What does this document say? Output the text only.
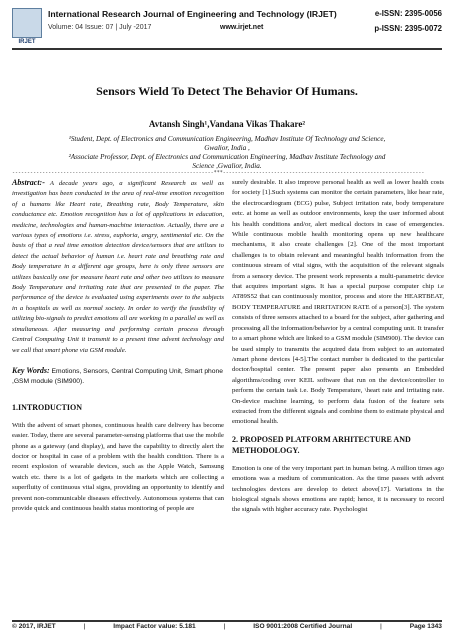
IRJET
International Research Journal of Engineering and Technology (IRJET)	e-ISSN: 2395-0056
Volume: 04 Issue: 07 | July -2017	www.irjet.net	p-ISSN: 2395-0072
Sensors Wield To Detect The Behavior Of Humans.
Avtansh Singh¹,Vandana Vikas Thakare²
¹Student, Dept. of Electronics and Communication Engineering, Madhav Institute Of Technology and Science,
Gwalior, India ,
²Associate Professor, Dept. of Electronics and Communication Engineering, Madhav Institute Technology and
Science ,Gwalior, India.
-------------------------------------------------------------------***-------------------------------------------------------------------

Abstract:- A decade years ago, a significant Research as well as investigation has been conducted in the area of real-time emotion recognition of a humans like Heart rate, Breathing rate, Body Temperature, skin conductance etc. Emotion recognition has a lot of applications in education, medicine, technologies and human-machine interaction. Actually, there are a various types of emotions i.e. stress, euphoria, angry, sentimental etc. On the basis of that a real time emotion detection device/sensors that are utilizes to detect the actual behavior of human i.e. heart rate and breathing rate and Body temperature in a different age groups, here is only three sensors are utilizes basically one for measure heart rate and other two utilizes to measure Body Temperature and irritating rate that are presented in the paper. The performance of the device is evaluated using experiments over to the subjects in a hospitals as well as normal society. In order to verify the feasibility of utilizing bio-signals to predict emotions all are working in a parallel as well as simultaneous. After measuring and performing certain process through Central Computing Unit it transmit to a present time advent technology and we call that smart phone via GSM module.

Key Words: Emotions, Sensors, Central Computing Unit, Smart phone ,GSM module (SIM900).

1.INTRODUCTION

With the advent of smart phones, continuous health care delivery has become easier. Today, there are several parameter-sensing platforms that use the mobile phone as a gateway (and display), and have the capability to directly alert the doctor or hospital in case of a problem with the health condition. There is a recent explosion of wearable devices, such as the Apple Watch, Samsung watch etc. there is a lot of gadgets in the markets which are collecting a superfluity of continuous vital signs, providing an opportunity to identify and prevent non-communicable diseases effectively. Autonomous systems that can provide quick and continuous health status monitoring of people are

surely desirable. It also improve personal health as well as lower health costs for society [1].Such systems can monitor the certain parameters, like hear rate, the electrocardiogram (ECG) pulse, Subject irritation rate, body temperature eetc. at home as well as outdoor environments, keep the user informed about his health conditions and/or, alert medical doctors in case of emergencies. While continuous mobile health monitoring opens up new healthcare mechanisms, it also create challenges [2]. One of the most important challenges is to obtain relevant and meaningful health information from the continuous stream of vital signs, with the acquisition of the relevant signals from a sensory device. The present work represents a multi-parametric device that acquires important signs. It has a special purpose computer chip i.e AT89S52 that can continuously monitor, process and store the HEARTBEAT, BODY TEMPERATURE and IRRITATION RATE of a person[3]. The system consists of three sensors attached to a board for the subject, after gathering and processing all the information/behavior by a central computing unit. It transfer to a smart phone which are linked to a GSM module (SIM900). The device can be used simply to transmits the acquired data from subject to an automated /smart phone devices [4-5].The contact number is dedicated to the particular doctor/hospital center. The present paper also presents an Embedded algorithms/coding over KEIL software that run on the device/controller to perform the certain task i.e. Body Temperature, \heart rate and irritating rate. On-device machine learning, to perform data fusion of the feature sets extracted from the different signals and combine them to estimate physical and emotional health.

2. PROPOSED PLATFORM ARHITECTURE AND METHODOLOGY.

Emotion is one of the very important part in human being. A million times ago emotions was a medium of communication. As the time passes with advent technologies devices are develop to detect above[17]. Variations in the biological signals shows emotions are rapid; hence, it is necessary to record the signals with higher accuracy rate. Psychologist

© 2017, IRJET	|	Impact Factor value: 5.181	|	ISO 9001:2008 Certified Journal	|	Page 1343
